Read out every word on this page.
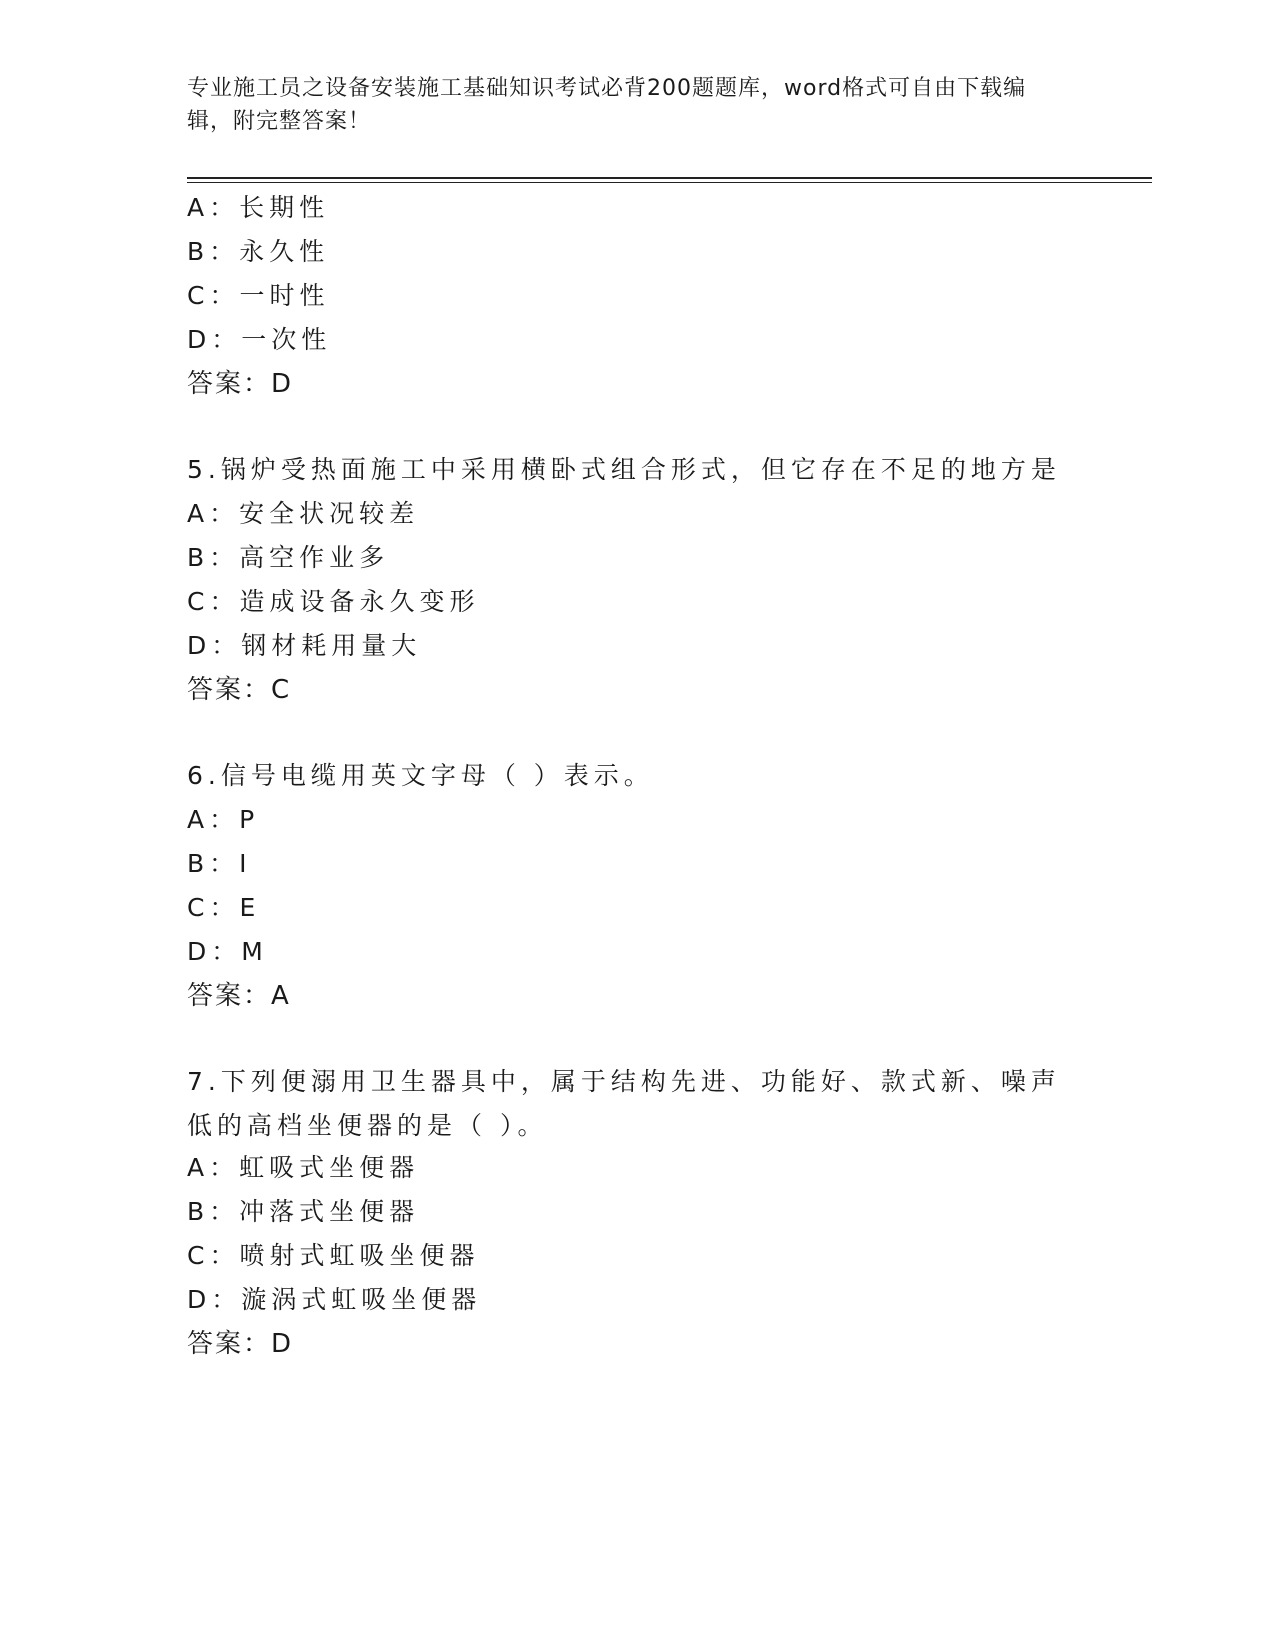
专业施工员之设备安装施工基础知识考试必背200题题库，word格式可自由下载编辑，附完整答案！
A：长期性
B：永久性
C：一时性
D：一次性
答案：D
5.锅炉受热面施工中采用横卧式组合形式，但它存在不足的地方是
A：安全状况较差
B：高空作业多
C：造成设备永久变形
D：钢材耗用量大
答案：C
6.信号电缆用英文字母（ ）表示。
A：P
B：I
C：E
D：M
答案：A
7.下列便溺用卫生器具中，属于结构先进、功能好、款式新、噪声低的高档坐便器的是（ ）。
A：虹吸式坐便器
B：冲落式坐便器
C：喷射式虹吸坐便器
D：漩涡式虹吸坐便器
答案：D
